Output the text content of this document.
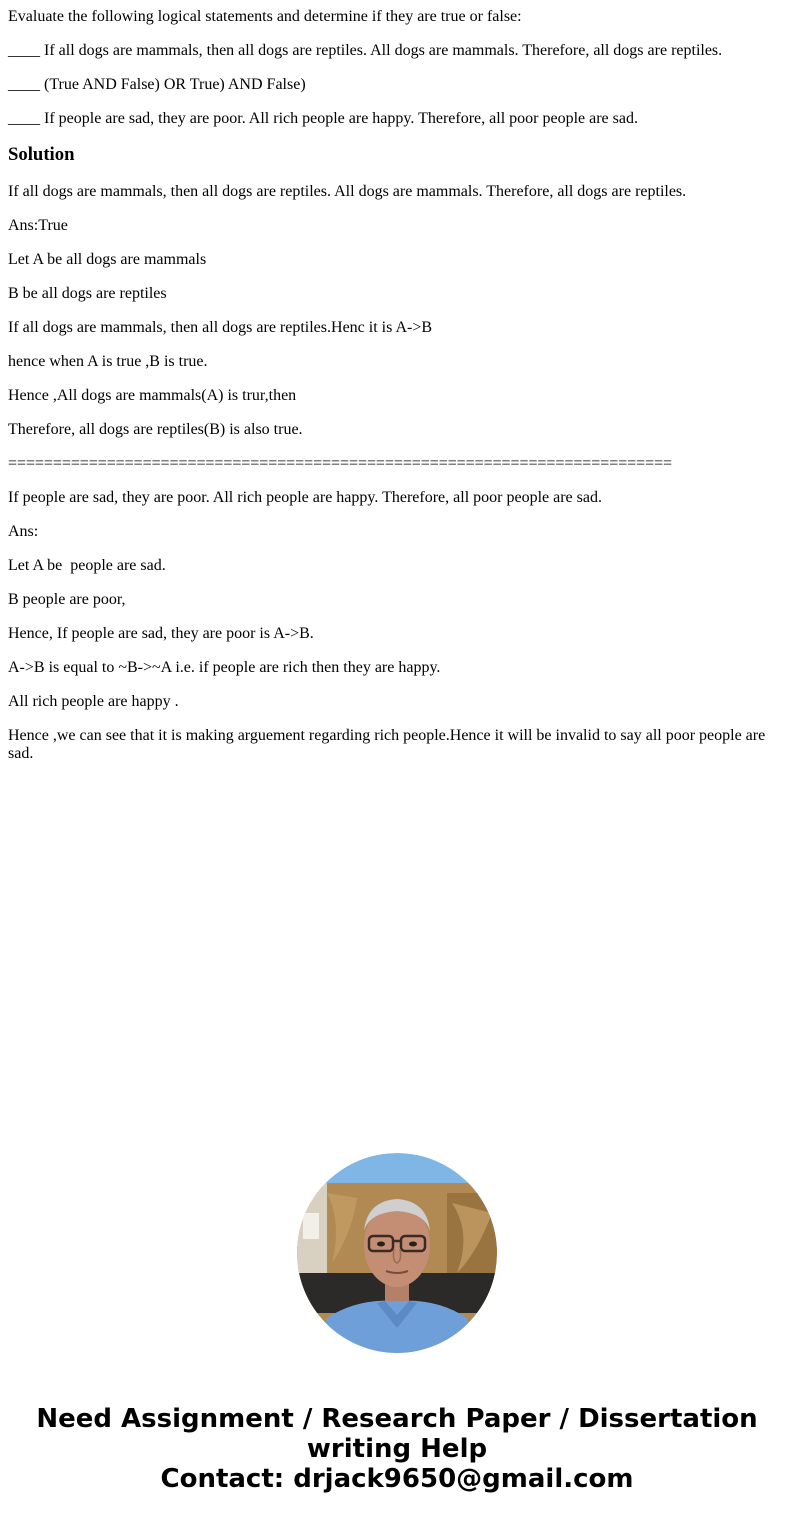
Evaluate the following logical statements and determine if they are true or false:
____ If all dogs are mammals, then all dogs are reptiles. All dogs are mammals. Therefore, all dogs are reptiles.
____ (True AND False) OR True) AND False)
____ If people are sad, they are poor. All rich people are happy. Therefore, all poor people are sad.
Solution
If all dogs are mammals, then all dogs are reptiles. All dogs are mammals. Therefore, all dogs are reptiles.
Ans:True
Let A be all dogs are mammals
B be all dogs are reptiles
If all dogs are mammals, then all dogs are reptiles.Henc it is A->B
hence when A is true ,B is true.
Hence ,All dogs are mammals(A) is trur,then
Therefore, all dogs are reptiles(B) is also true.
==========================================================================
If people are sad, they are poor. All rich people are happy. Therefore, all poor people are sad.
Ans:
Let A be  people are sad.
B people are poor,
Hence, If people are sad, they are poor is A->B.
A->B is equal to ~B->~A i.e. if people are rich then they are happy.
All rich people are happy .
Hence ,we can see that it is making arguement regarding rich people.Hence it will be invalid to say all poor people are sad.
Need Assignment / Research Paper / Dissertation
writing Help
Contact: drjack9650@gmail.com
